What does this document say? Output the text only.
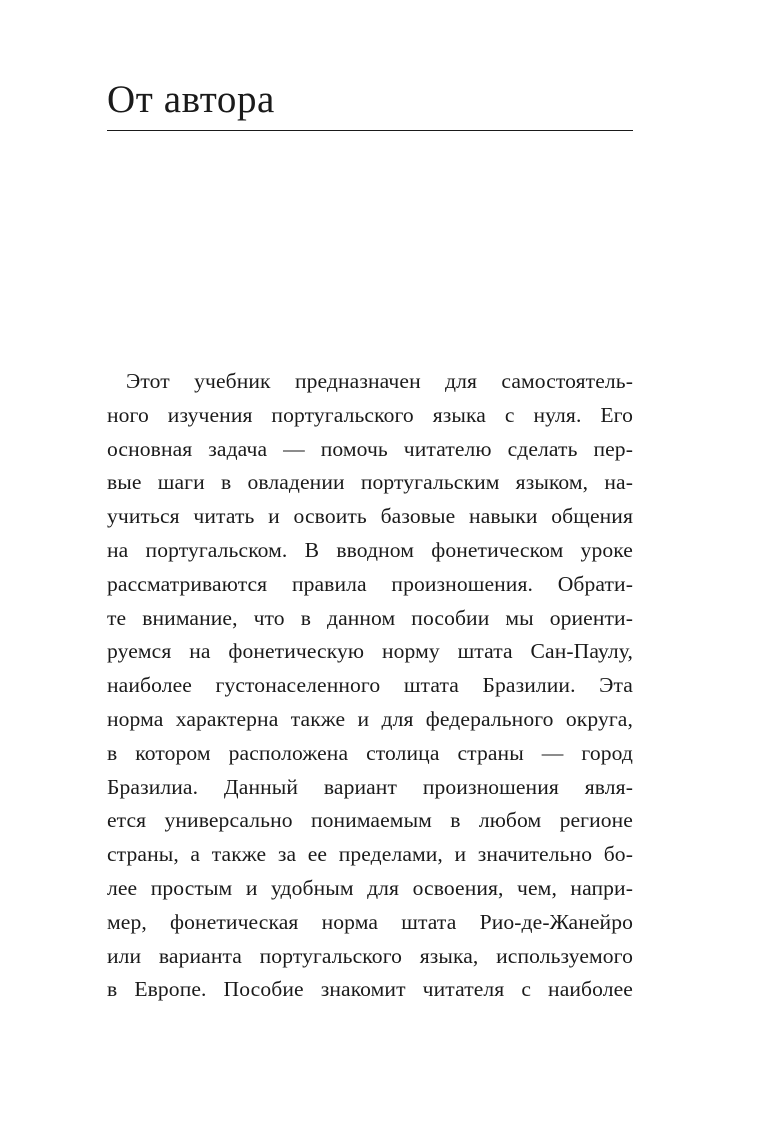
От автора
Этот учебник предназначен для самостоятель-
ного изучения португальского языка с нуля. Его
основная задача — помочь читателю сделать пер-
вые шаги в овладении португальским языком, на-
учиться читать и освоить базовые навыки общения
на португальском. В вводном фонетическом уроке
рассматриваются правила произношения. Обрати-
те внимание, что в данном пособии мы ориенти-
руемся на фонетическую норму штата Сан-Паулу,
наиболее густонаселенного штата Бразилии. Эта
норма характерна также и для федерального округа,
в котором расположена столица страны — город
Бразилиа. Данный вариант произношения явля-
ется универсально понимаемым в любом регионе
страны, а также за ее пределами, и значительно бо-
лее простым и удобным для освоения, чем, напри-
мер, фонетическая норма штата Рио-де-Жанейро
или варианта португальского языка, используемого
в Европе. Пособие знакомит читателя с наиболее
